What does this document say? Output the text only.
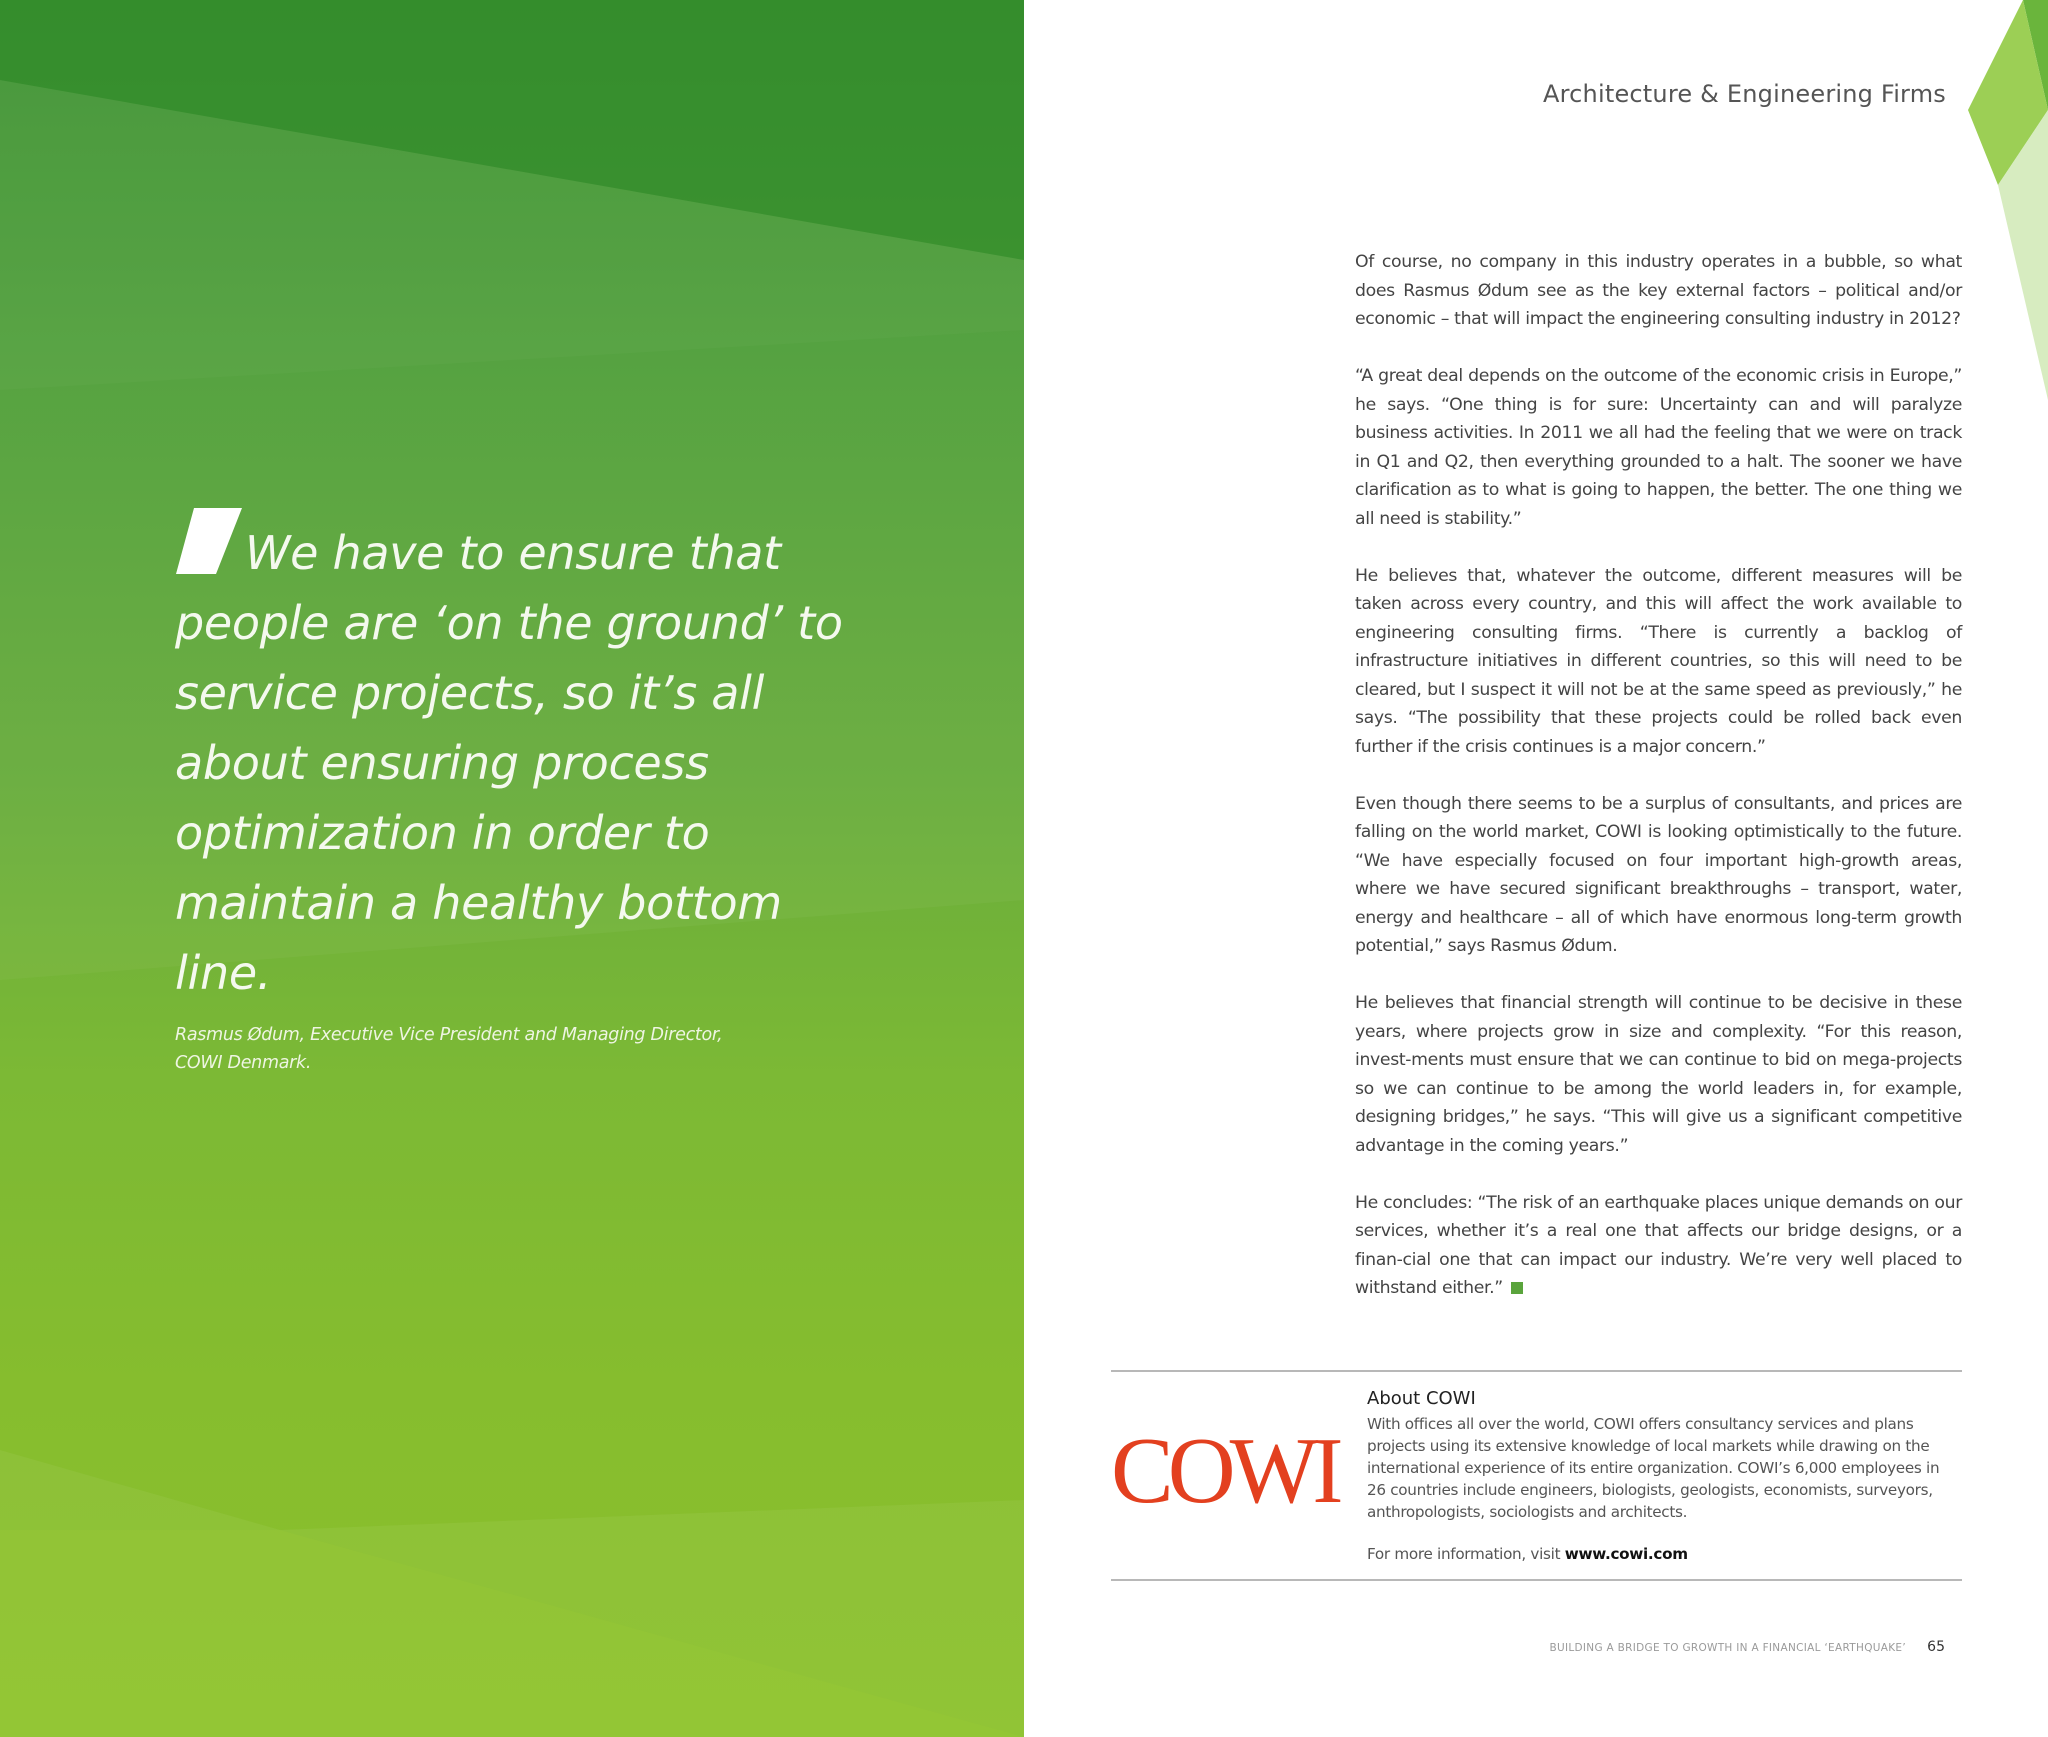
We have to ensure that people are ‘on the ground’ to service projects, so it’s all about ensuring process optimization in order to maintain a healthy bottom line.

Rasmus Ødum, Executive Vice President and Managing Director,
COWI Denmark.

Architecture & Engineering Firms

Of course, no company in this industry operates in a bubble, so what does Rasmus Ødum see as the key external factors – political and/or economic – that will impact the engineering consulting industry in 2012?

“A great deal depends on the outcome of the economic crisis in Europe,” he says. “One thing is for sure: Uncertainty can and will paralyze business activities. In 2011 we all had the feeling that we were on track in Q1 and Q2, then everything grounded to a halt. The sooner we have clarification as to what is going to happen, the better. The one thing we all need is stability.”

He believes that, whatever the outcome, different measures will be taken across every country, and this will affect the work available to engineering consulting firms. “There is currently a backlog of infrastructure initiatives in different countries, so this will need to be cleared, but I suspect it will not be at the same speed as previously,” he says. “The possibility that these projects could be rolled back even further if the crisis continues is a major concern.”

Even though there seems to be a surplus of consultants, and prices are falling on the world market, COWI is looking optimistically to the future. “We have especially focused on four important high-growth areas, where we have secured significant breakthroughs – transport, water, energy and healthcare – all of which have enormous long-term growth potential,” says Rasmus Ødum.

He believes that financial strength will continue to be decisive in these years, where projects grow in size and complexity. “For this reason, invest-ments must ensure that we can continue to bid on mega-projects so we can continue to be among the world leaders in, for example, designing bridges,” he says. “This will give us a significant competitive advantage in the coming years.”

He concludes: “The risk of an earthquake places unique demands on our services, whether it’s a real one that affects our bridge designs, or a finan-cial one that can impact our industry. We’re very well placed to withstand either.”

COWI

About COWI

With offices all over the world, COWI offers consultancy services and plans projects using its extensive knowledge of local markets while drawing on the international experience of its entire organization. COWI’s 6,000 employees in 26 countries include engineers, biologists, geologists, economists, surveyors, anthropologists, sociologists and architects.

For more information, visit www.cowi.com

BUILDING A BRIDGE TO GROWTH IN A FINANCIAL ‘EARTHQUAKE’ 65
